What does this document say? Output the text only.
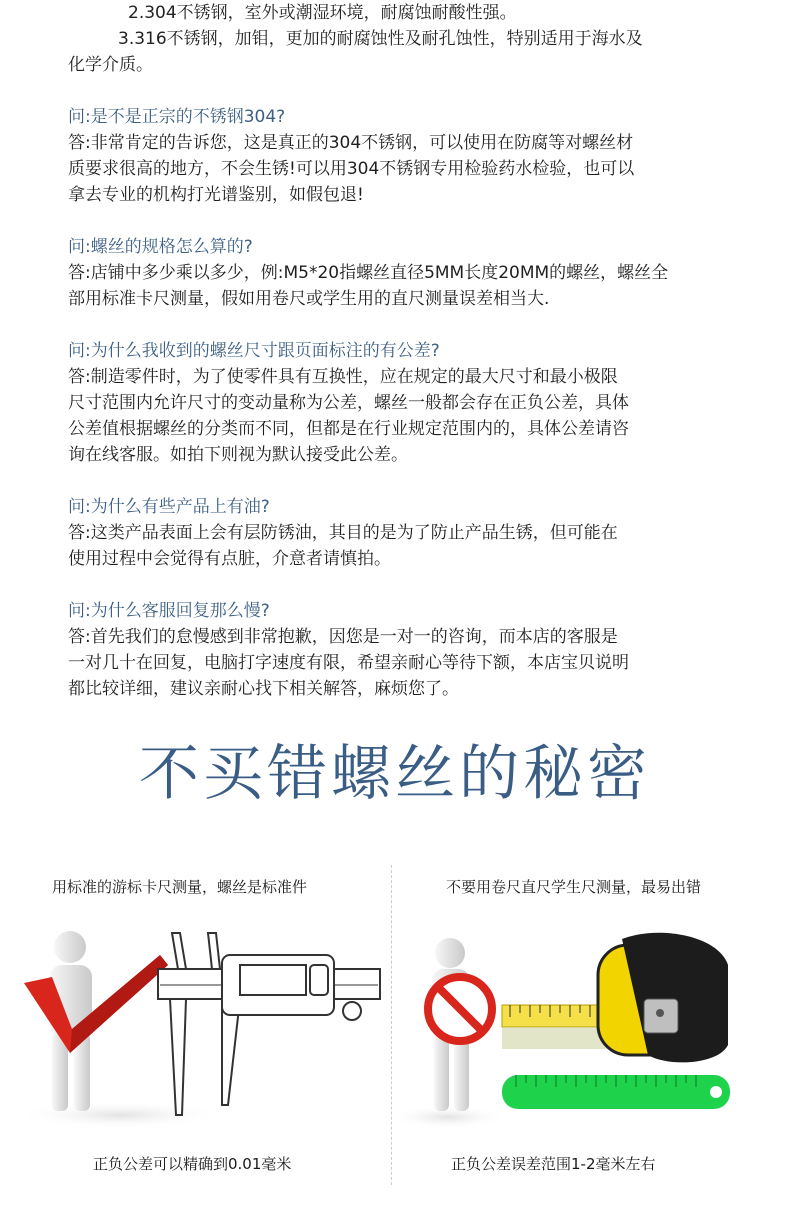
2.304不锈钢，室外或潮湿环境，耐腐蚀耐酸性强。
3.316不锈钢，加钼，更加的耐腐蚀性及耐孔蚀性，特别适用于海水及
化学介质。
问:是不是正宗的不锈钢304?
答:非常肯定的告诉您，这是真正的304不锈钢，可以使用在防腐等对螺丝材
质要求很高的地方，不会生锈!可以用304不锈钢专用检验药水检验，也可以
拿去专业的机构打光谱鉴别，如假包退!
问:螺丝的规格怎么算的?
答:店铺中多少乘以多少，例:M5*20指螺丝直径5MM长度20MM的螺丝，螺丝全
部用标准卡尺测量，假如用卷尺或学生用的直尺测量误差相当大.
问:为什么我收到的螺丝尺寸跟页面标注的有公差?
答:制造零件时，为了使零件具有互换性，应在规定的最大尺寸和最小极限
尺寸范围内允许尺寸的变动量称为公差，螺丝一般都会存在正负公差，具体
公差值根据螺丝的分类而不同，但都是在行业规定范围内的，具体公差请咨
询在线客服。如拍下则视为默认接受此公差。
问:为什么有些产品上有油?
答:这类产品表面上会有层防锈油，其目的是为了防止产品生锈，但可能在
使用过程中会觉得有点脏，介意者请慎拍。
问:为什么客服回复那么慢?
答:首先我们的怠慢感到非常抱歉，因您是一对一的咨询，而本店的客服是
一对几十在回复，电脑打字速度有限，希望亲耐心等待下额，本店宝贝说明
都比较详细，建议亲耐心找下相关解答，麻烦您了。
不买错螺丝的秘密
用标准的游标卡尺测量，螺丝是标准件	不要用卷尺直尺学生尺测量，最易出错
正负公差可以精确到0.01毫米	正负公差误差范围1-2毫米左右
